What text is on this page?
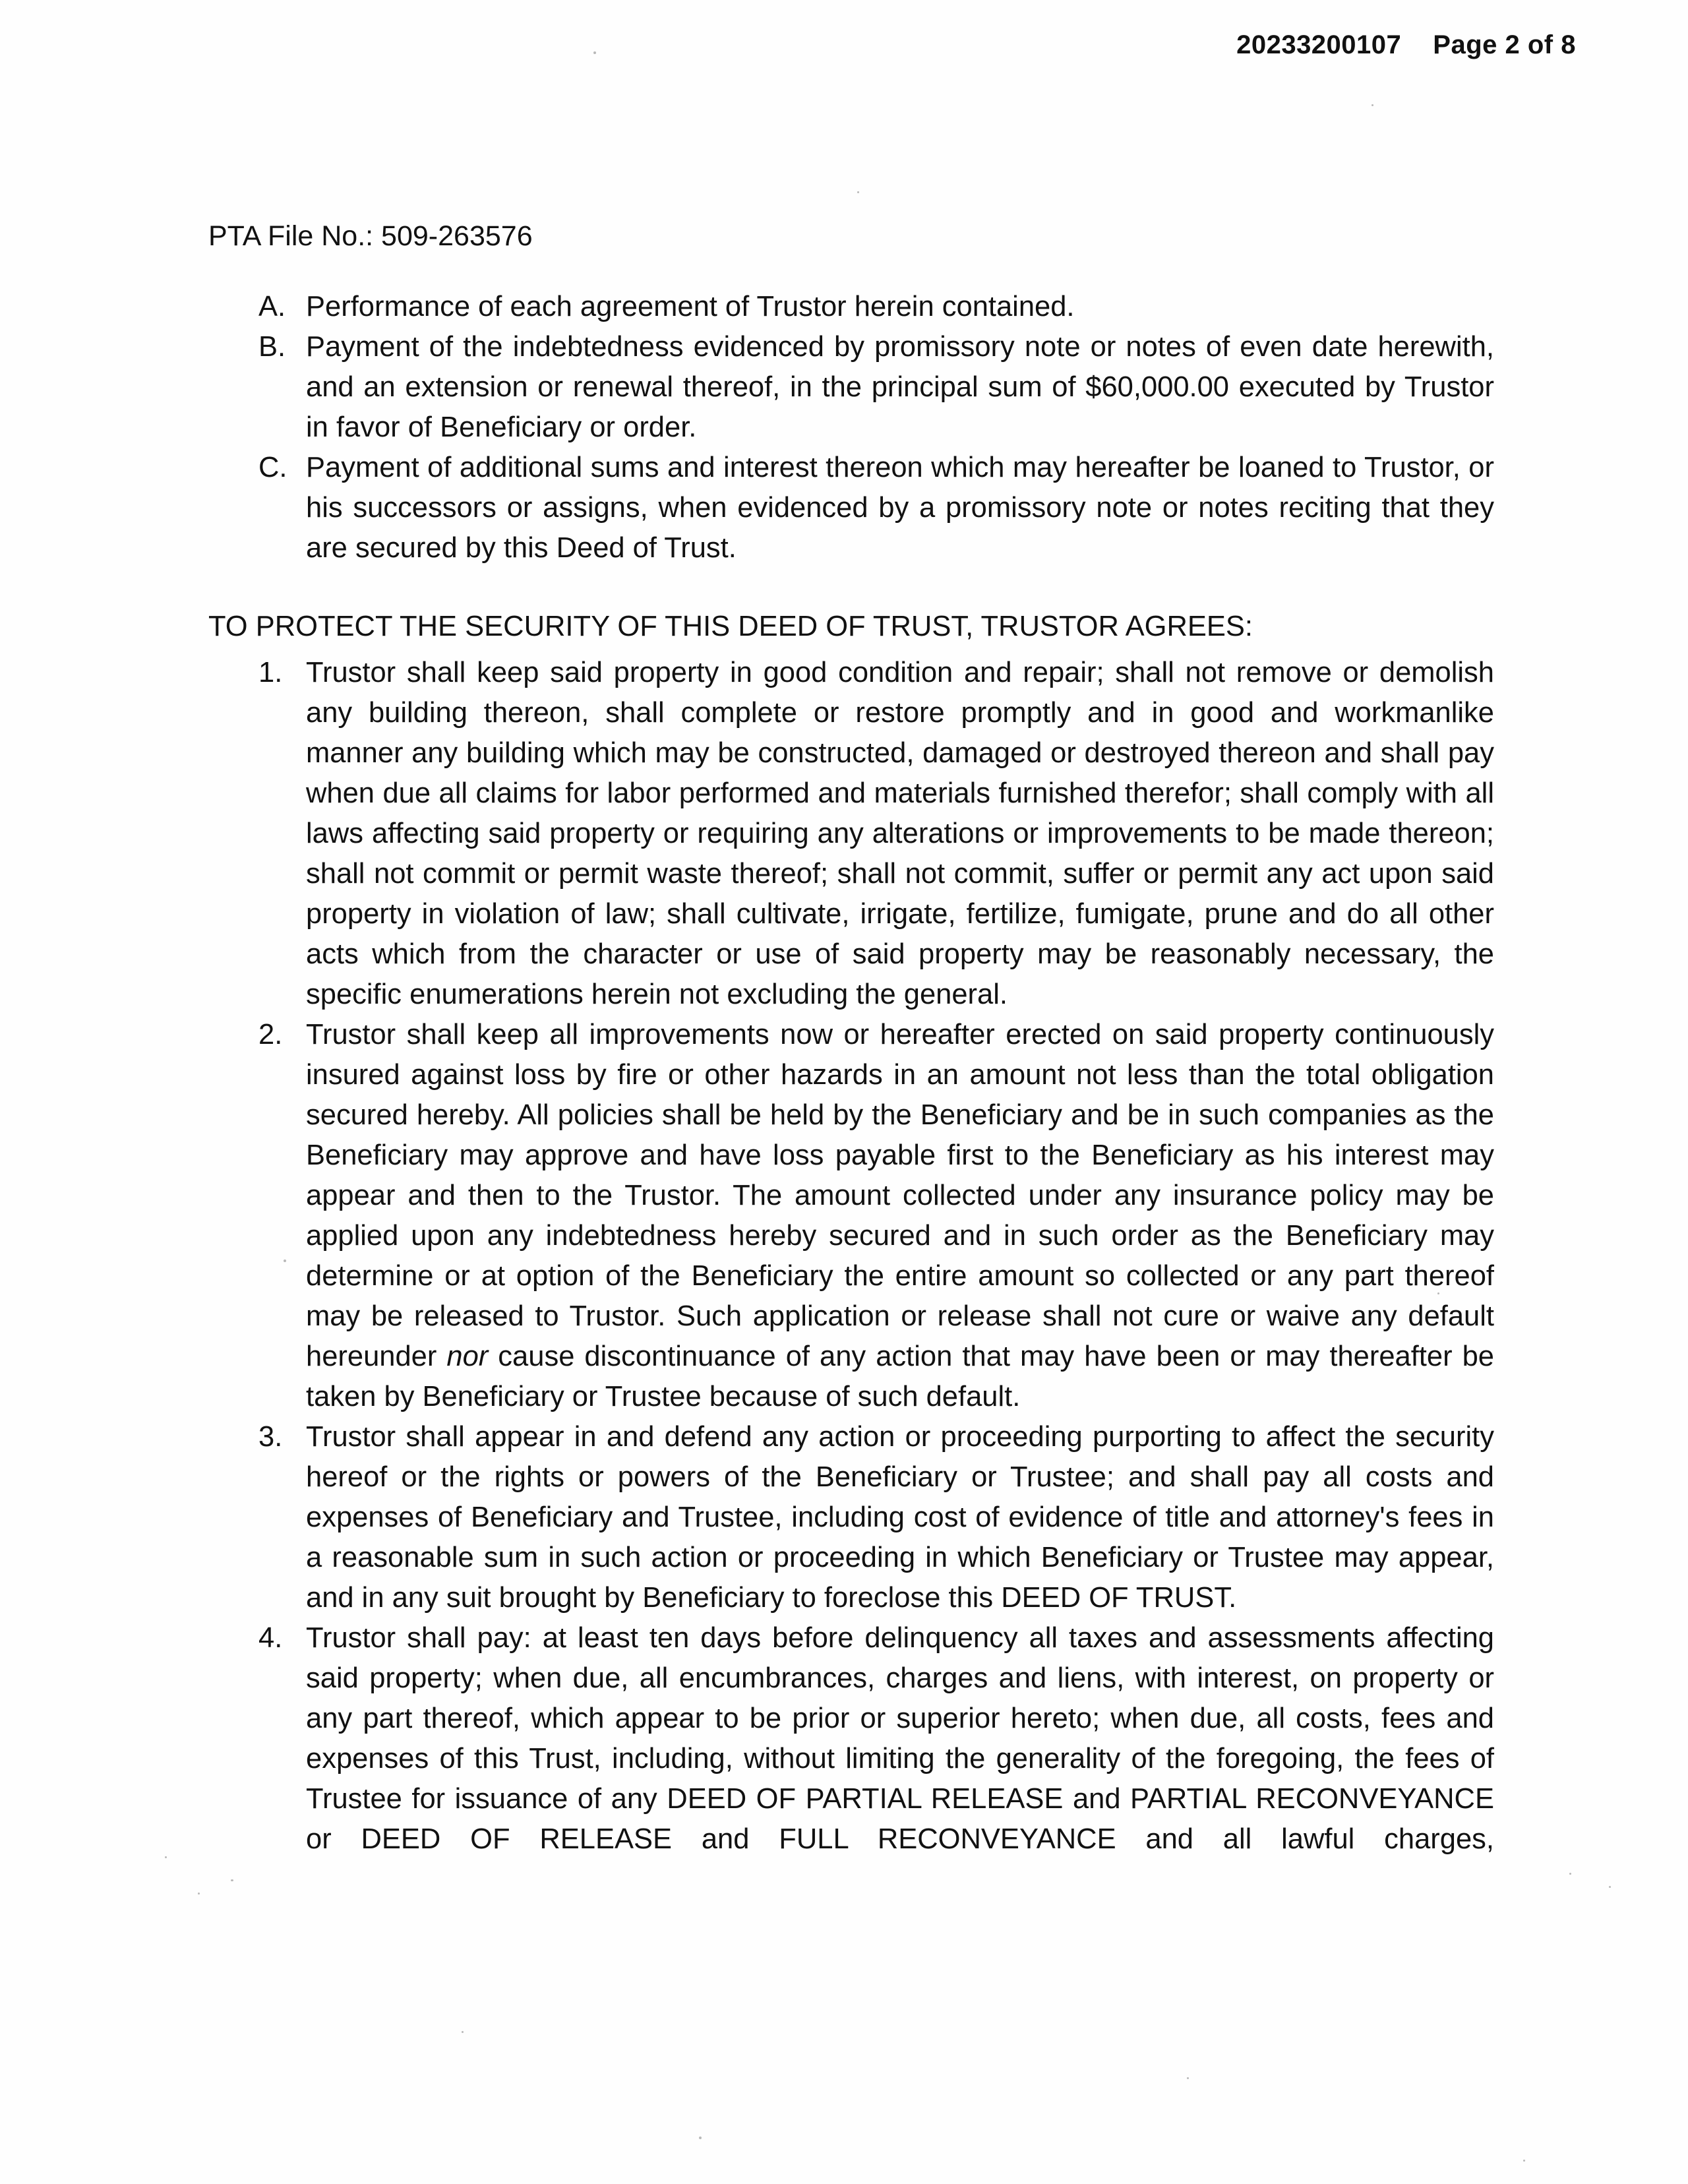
20233200107 Page 2 of 8
PTA File No.: 509-263576
A. Performance of each agreement of Trustor herein contained.
B. Payment of the indebtedness evidenced by promissory note or notes of even date herewith, and an extension or renewal thereof, in the principal sum of $60,000.00 executed by Trustor in favor of Beneficiary or order.
C. Payment of additional sums and interest thereon which may hereafter be loaned to Trustor, or his successors or assigns, when evidenced by a promissory note or notes reciting that they are secured by this Deed of Trust.
TO PROTECT THE SECURITY OF THIS DEED OF TRUST, TRUSTOR AGREES:
1. Trustor shall keep said property in good condition and repair; shall not remove or demolish any building thereon, shall complete or restore promptly and in good and workmanlike manner any building which may be constructed, damaged or destroyed thereon and shall pay when due all claims for labor performed and materials furnished therefor; shall comply with all laws affecting said property or requiring any alterations or improvements to be made thereon; shall not commit or permit waste thereof; shall not commit, suffer or permit any act upon said property in violation of law; shall cultivate, irrigate, fertilize, fumigate, prune and do all other acts which from the character or use of said property may be reasonably necessary, the specific enumerations herein not excluding the general.
2. Trustor shall keep all improvements now or hereafter erected on said property continuously insured against loss by fire or other hazards in an amount not less than the total obligation secured hereby. All policies shall be held by the Beneficiary and be in such companies as the Beneficiary may approve and have loss payable first to the Beneficiary as his interest may appear and then to the Trustor. The amount collected under any insurance policy may be applied upon any indebtedness hereby secured and in such order as the Beneficiary may determine or at option of the Beneficiary the entire amount so collected or any part thereof may be released to Trustor. Such application or release shall not cure or waive any default hereunder nor cause discontinuance of any action that may have been or may thereafter be taken by Beneficiary or Trustee because of such default.
3. Trustor shall appear in and defend any action or proceeding purporting to affect the security hereof or the rights or powers of the Beneficiary or Trustee; and shall pay all costs and expenses of Beneficiary and Trustee, including cost of evidence of title and attorney's fees in a reasonable sum in such action or proceeding in which Beneficiary or Trustee may appear, and in any suit brought by Beneficiary to foreclose this DEED OF TRUST.
4. Trustor shall pay: at least ten days before delinquency all taxes and assessments affecting said property; when due, all encumbrances, charges and liens, with interest, on property or any part thereof, which appear to be prior or superior hereto; when due, all costs, fees and expenses of this Trust, including, without limiting the generality of the foregoing, the fees of Trustee for issuance of any DEED OF PARTIAL RELEASE and PARTIAL RECONVEYANCE or DEED OF RELEASE and FULL RECONVEYANCE and all lawful charges,
